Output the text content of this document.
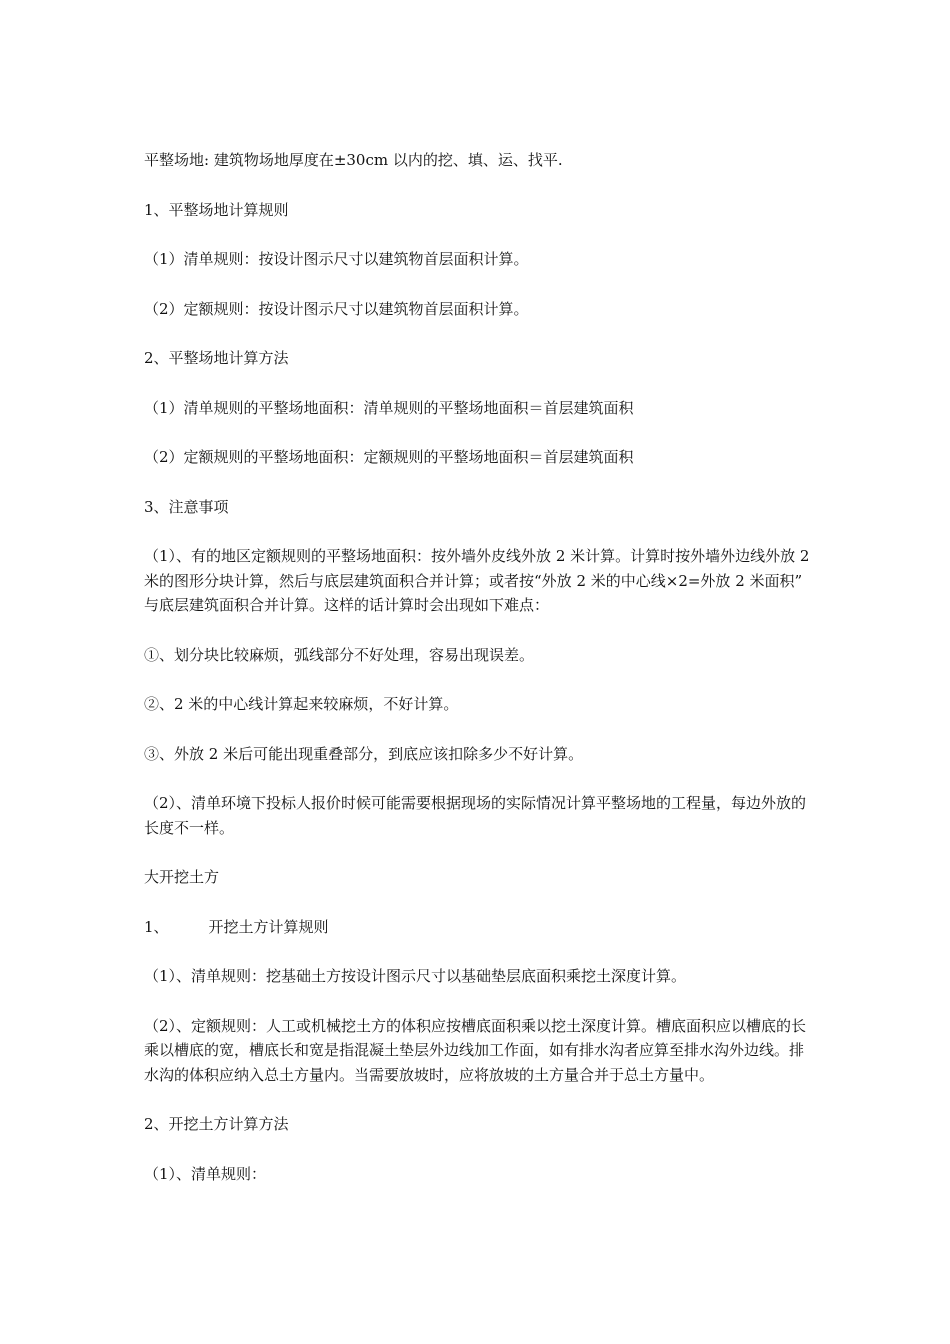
平整场地: 建筑物场地厚度在±30cm 以内的挖、填、运、找平.

1、平整场地计算规则

（1）清单规则：按设计图示尺寸以建筑物首层面积计算。

（2）定额规则：按设计图示尺寸以建筑物首层面积计算。

2、平整场地计算方法

（1）清单规则的平整场地面积：清单规则的平整场地面积＝首层建筑面积

（2）定额规则的平整场地面积：定额规则的平整场地面积＝首层建筑面积

3、注意事项

（1）、有的地区定额规则的平整场地面积：按外墙外皮线外放 2 米计算。计算时按外墙外边线外放 2 米的图形分块计算，然后与底层建筑面积合并计算；或者按“外放 2 米的中心线×2=外放 2 米面积” 与底层建筑面积合并计算。这样的话计算时会出现如下难点：

①、划分块比较麻烦，弧线部分不好处理，容易出现误差。

②、2 米的中心线计算起来较麻烦，不好计算。

③、外放 2 米后可能出现重叠部分，到底应该扣除多少不好计算。

（2）、清单环境下投标人报价时候可能需要根据现场的实际情况计算平整场地的工程量，每边外放的长度不一样。

大开挖土方

1、	开挖土方计算规则

（1）、清单规则：挖基础土方按设计图示尺寸以基础垫层底面积乘挖土深度计算。

（2）、定额规则：人工或机械挖土方的体积应按槽底面积乘以挖土深度计算。槽底面积应以槽底的长乘以槽底的宽，槽底长和宽是指混凝土垫层外边线加工作面，如有排水沟者应算至排水沟外边线。排水沟的体积应纳入总土方量内。当需要放坡时，应将放坡的土方量合并于总土方量中。

2、开挖土方计算方法

（1）、清单规则：
